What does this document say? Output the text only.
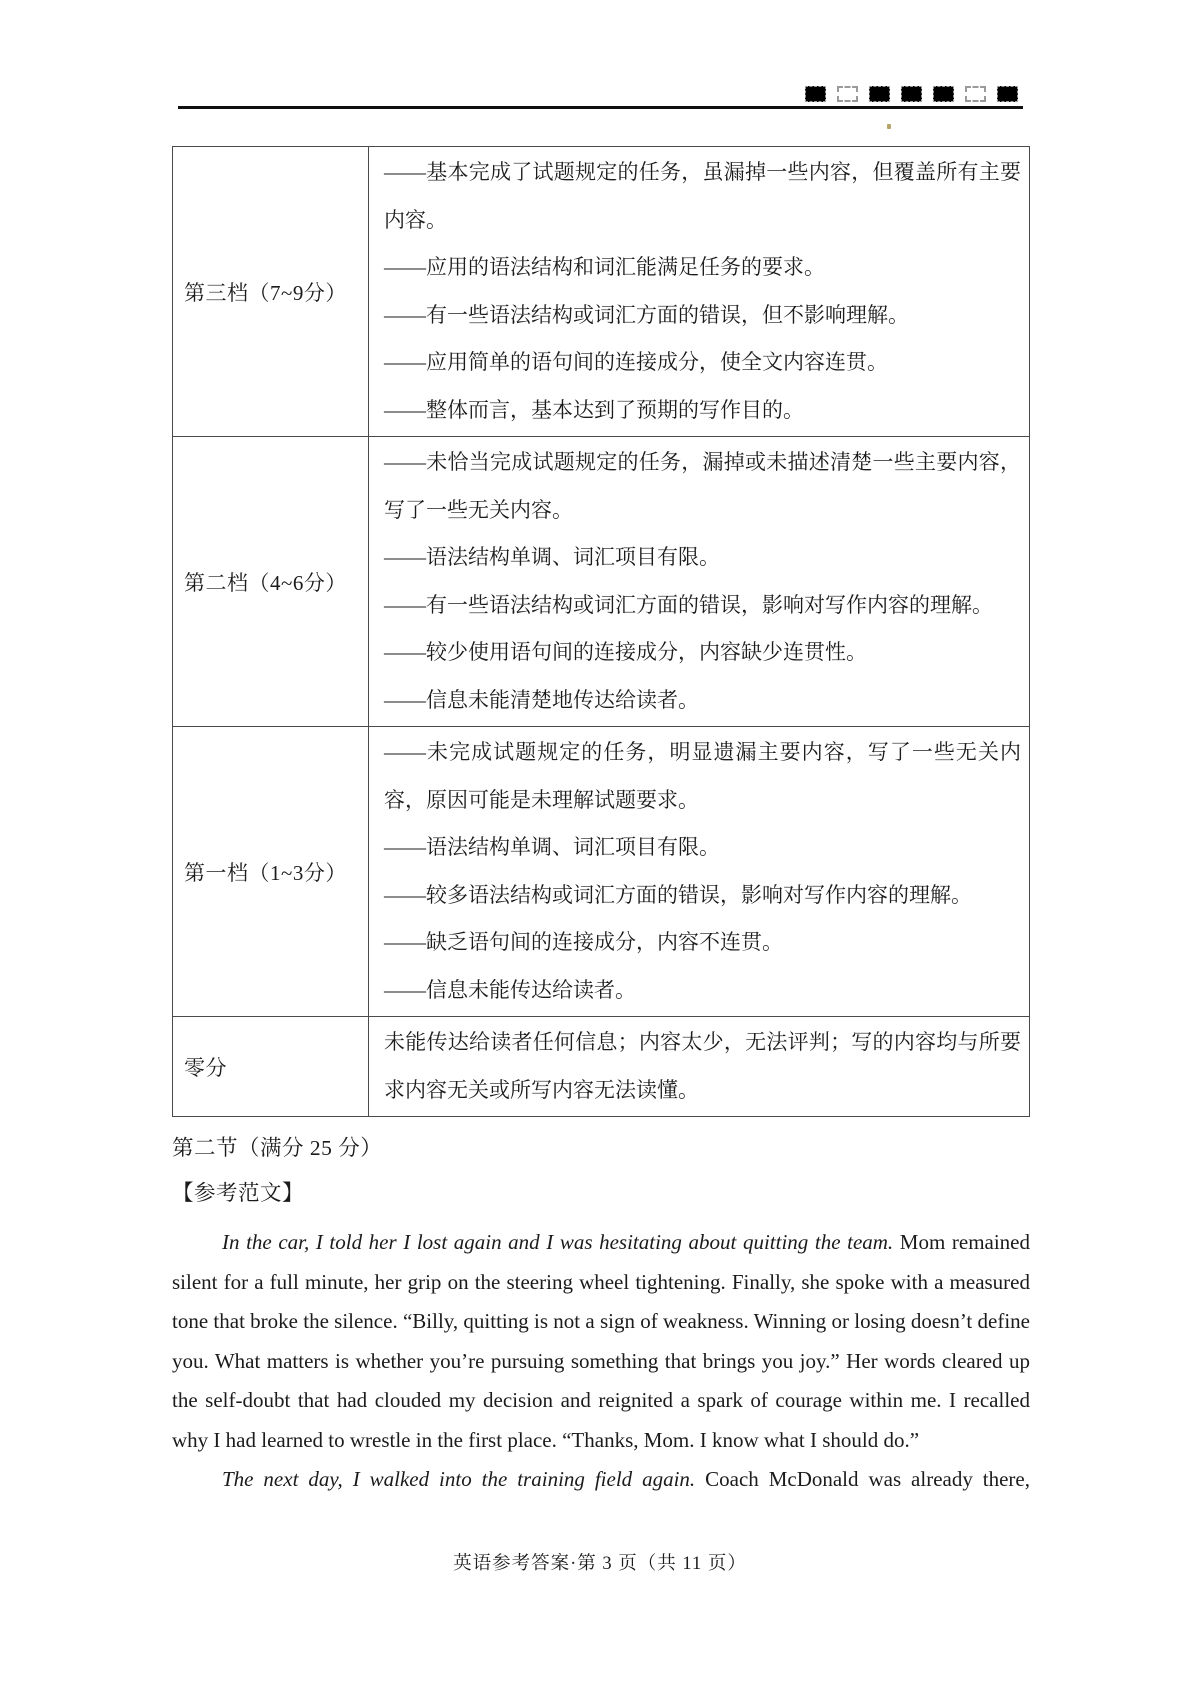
第三档（7~9分）	——基本完成了试题规定的任务，虽漏掉一些内容，但覆盖所有主要内容。
——应用的语法结构和词汇能满足任务的要求。
——有一些语法结构或词汇方面的错误，但不影响理解。
——应用简单的语句间的连接成分，使全文内容连贯。
——整体而言，基本达到了预期的写作目的。

第二档（4~6分）	——未恰当完成试题规定的任务，漏掉或未描述清楚一些主要内容，写了一些无关内容。
——语法结构单调、词汇项目有限。
——有一些语法结构或词汇方面的错误，影响对写作内容的理解。
——较少使用语句间的连接成分，内容缺少连贯性。
——信息未能清楚地传达给读者。

第一档（1~3分）	——未完成试题规定的任务，明显遗漏主要内容，写了一些无关内容，原因可能是未理解试题要求。
——语法结构单调、词汇项目有限。
——较多语法结构或词汇方面的错误，影响对写作内容的理解。
——缺乏语句间的连接成分，内容不连贯。
——信息未能传达给读者。

零分	未能传达给读者任何信息；内容太少，无法评判；写的内容均与所要求内容无关或所写内容无法读懂。
第二节（满分 25 分）
【参考范文】

In the car, I told her I lost again and I was hesitating about quitting the team. Mom remained silent for a full minute, her grip on the steering wheel tightening. Finally, she spoke with a measured tone that broke the silence. “Billy, quitting is not a sign of weakness. Winning or losing doesn’t define you. What matters is whether you’re pursuing something that brings you joy.” Her words cleared up the self-doubt that had clouded my decision and reignited a spark of courage within me. I recalled why I had learned to wrestle in the first place. “Thanks, Mom. I know what I should do.”

The next day, I walked into the training field again. Coach McDonald was already there,

英语参考答案·第 3 页（共 11 页）
